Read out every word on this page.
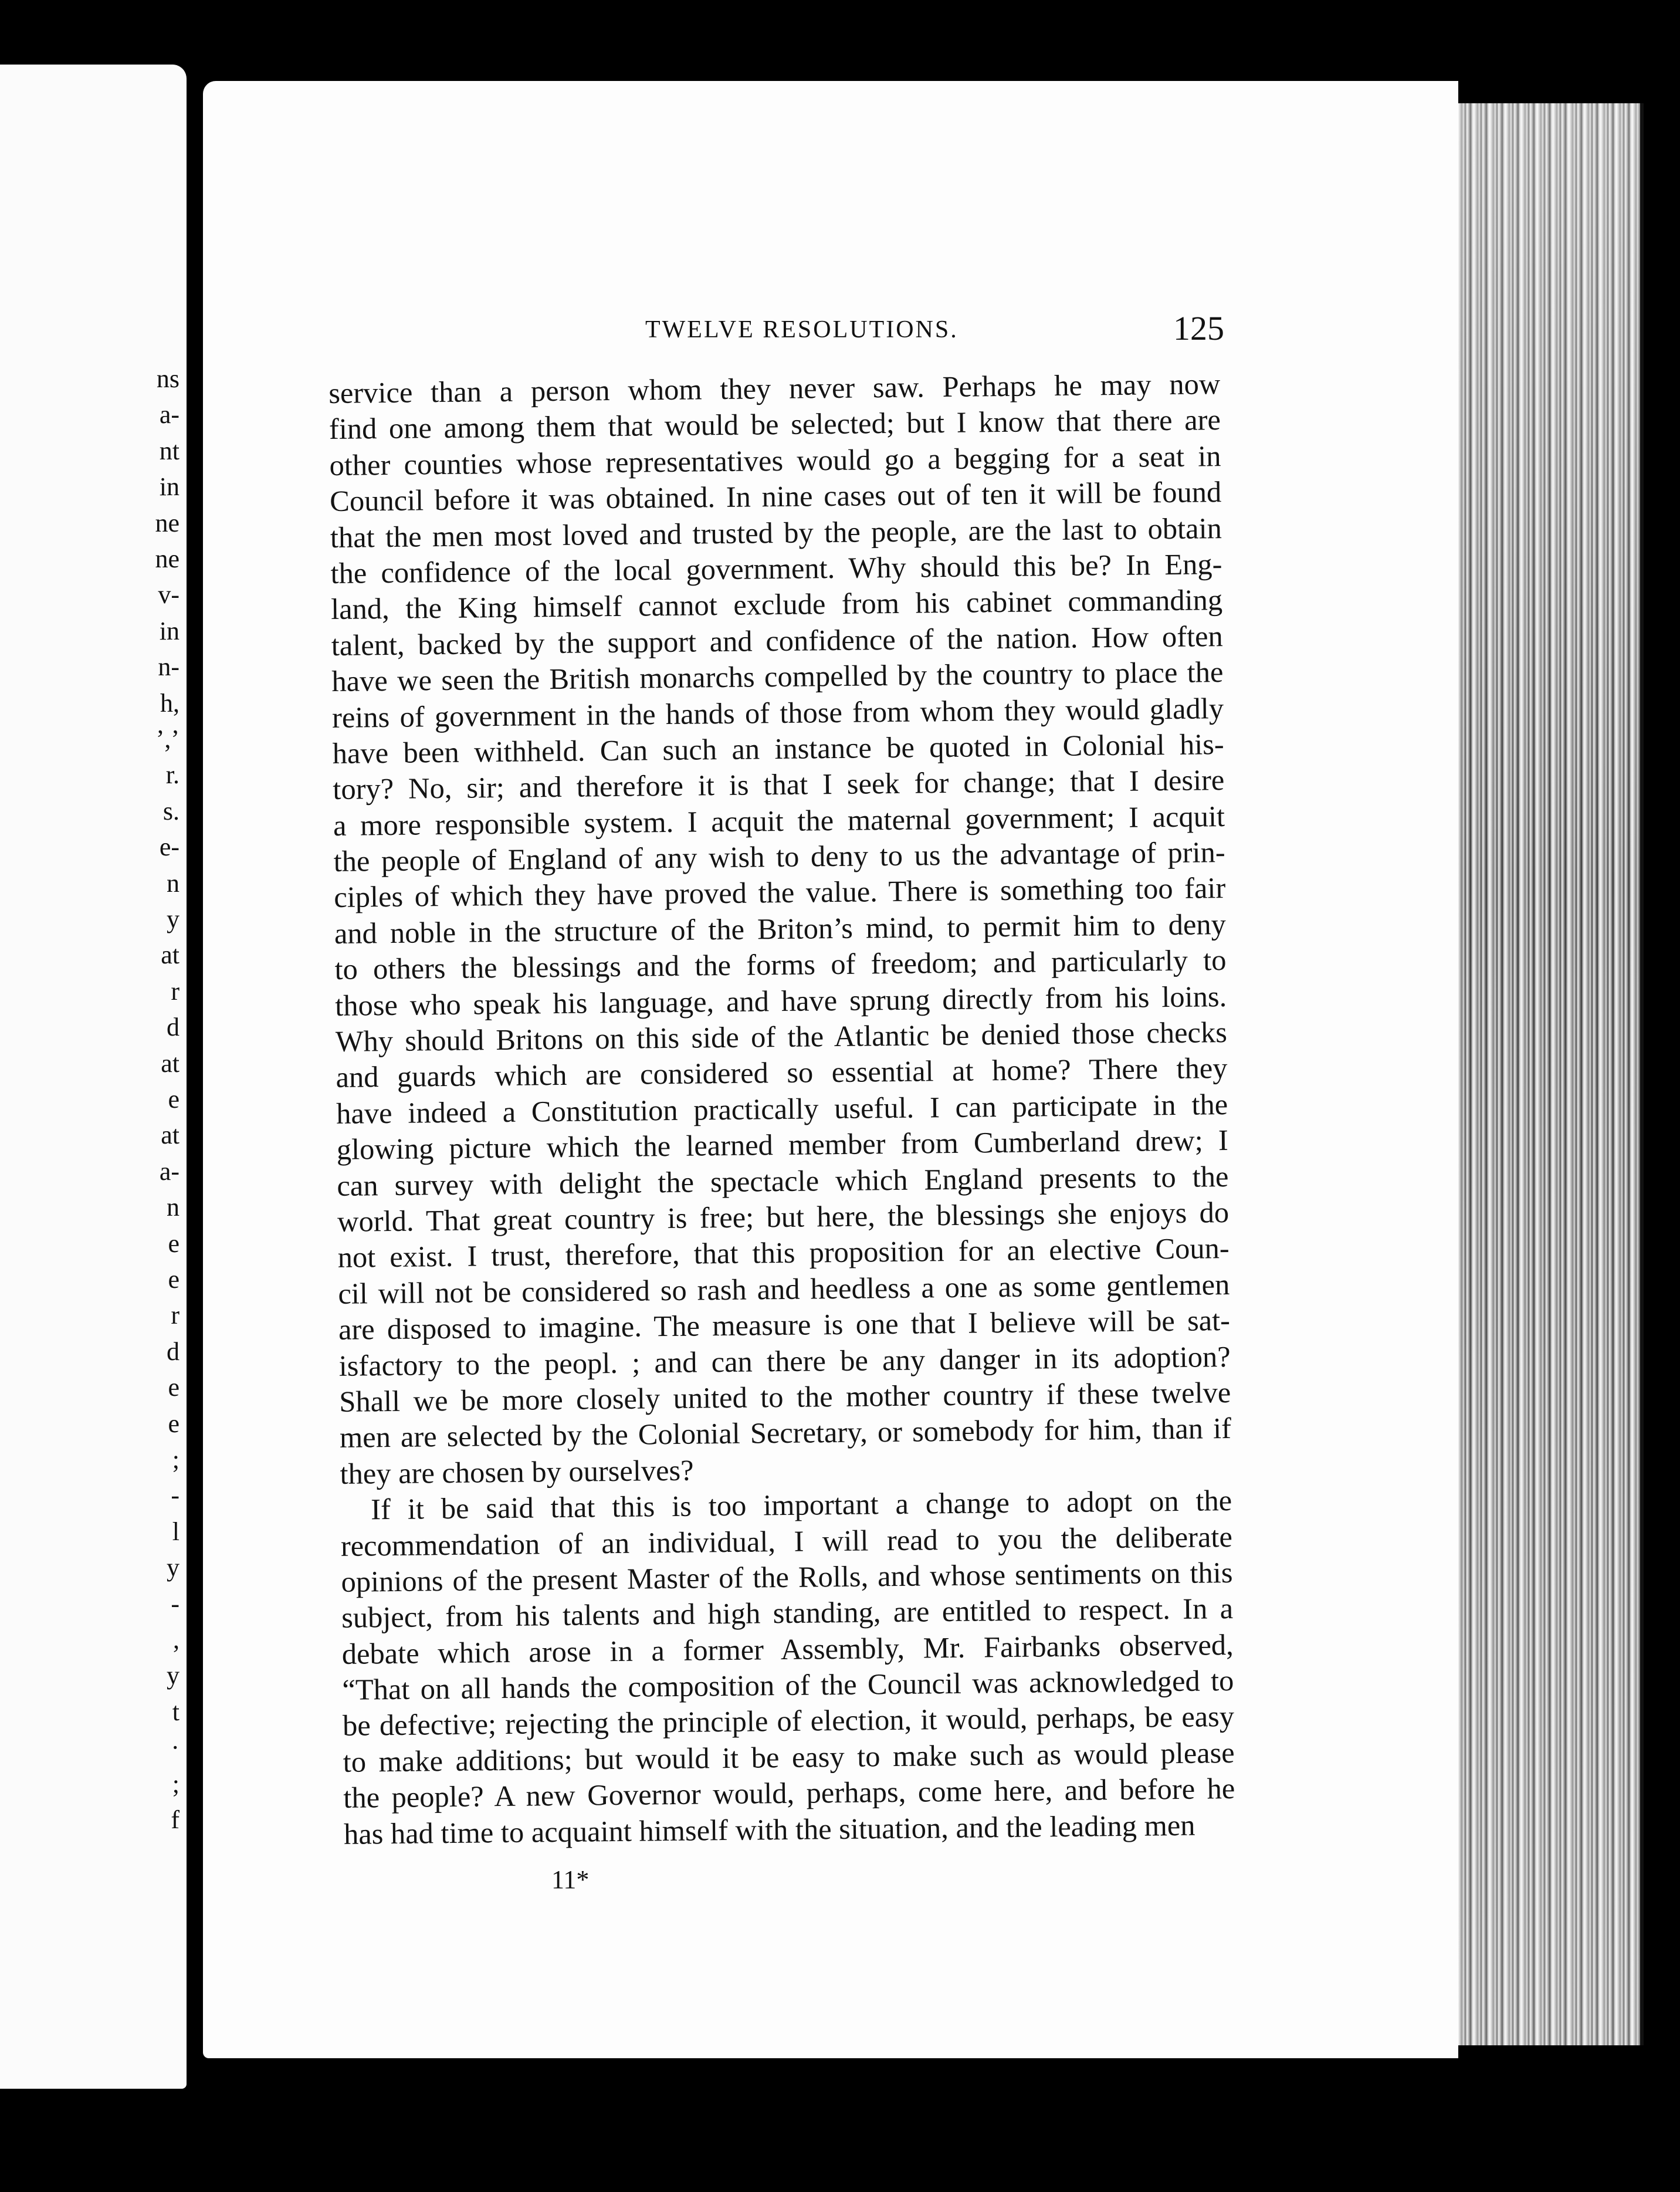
ns
a-
nt
in
ne
ne
v-
in
n-
h,
’,’
r.
s.
e-
n
y
at
r
d
at
e
at
a-
n
e
e
r
d
e
e
;
-
l
y
-
,
y
t
·
;
f
TWELVE RESOLUTIONS.	125
service than a person whom they never saw. Perhaps he may now
find one among them that would be selected; but I know that there are
other counties whose representatives would go a begging for a seat in
Council before it was obtained. In nine cases out of ten it will be found
that the men most loved and trusted by the people, are the last to obtain
the confidence of the local government. Why should this be? In Eng-
land, the King himself cannot exclude from his cabinet commanding
talent, backed by the support and confidence of the nation. How often
have we seen the British monarchs compelled by the country to place the
reins of government in the hands of those from whom they would gladly
have been withheld. Can such an instance be quoted in Colonial his-
tory? No, sir; and therefore it is that I seek for change; that I desire
a more responsible system. I acquit the maternal government; I acquit
the people of England of any wish to deny to us the advantage of prin-
ciples of which they have proved the value. There is something too fair
and noble in the structure of the Briton’s mind, to permit him to deny
to others the blessings and the forms of freedom; and particularly to
those who speak his language, and have sprung directly from his loins.
Why should Britons on this side of the Atlantic be denied those checks
and guards which are considered so essential at home? There they
have indeed a Constitution practically useful. I can participate in the
glowing picture which the learned member from Cumberland drew; I
can survey with delight the spectacle which England presents to the
world. That great country is free; but here, the blessings she enjoys do
not exist. I trust, therefore, that this proposition for an elective Coun-
cil will not be considered so rash and heedless a one as some gentlemen
are disposed to imagine. The measure is one that I believe will be sat-
isfactory to the peopl. ; and can there be any danger in its adoption?
Shall we be more closely united to the mother country if these twelve
men are selected by the Colonial Secretary, or somebody for him, than if
they are chosen by ourselves?
If it be said that this is too important a change to adopt on the
recommendation of an individual, I will read to you the deliberate
opinions of the present Master of the Rolls, and whose sentiments on this
subject, from his talents and high standing, are entitled to respect. In a
debate which arose in a former Assembly, Mr. Fairbanks observed,
“That on all hands the composition of the Council was acknowledged to
be defective; rejecting the principle of election, it would, perhaps, be easy
to make additions; but would it be easy to make such as would please
the people? A new Governor would, perhaps, come here, and before he
has had time to acquaint himself with the situation, and the leading men
11*
